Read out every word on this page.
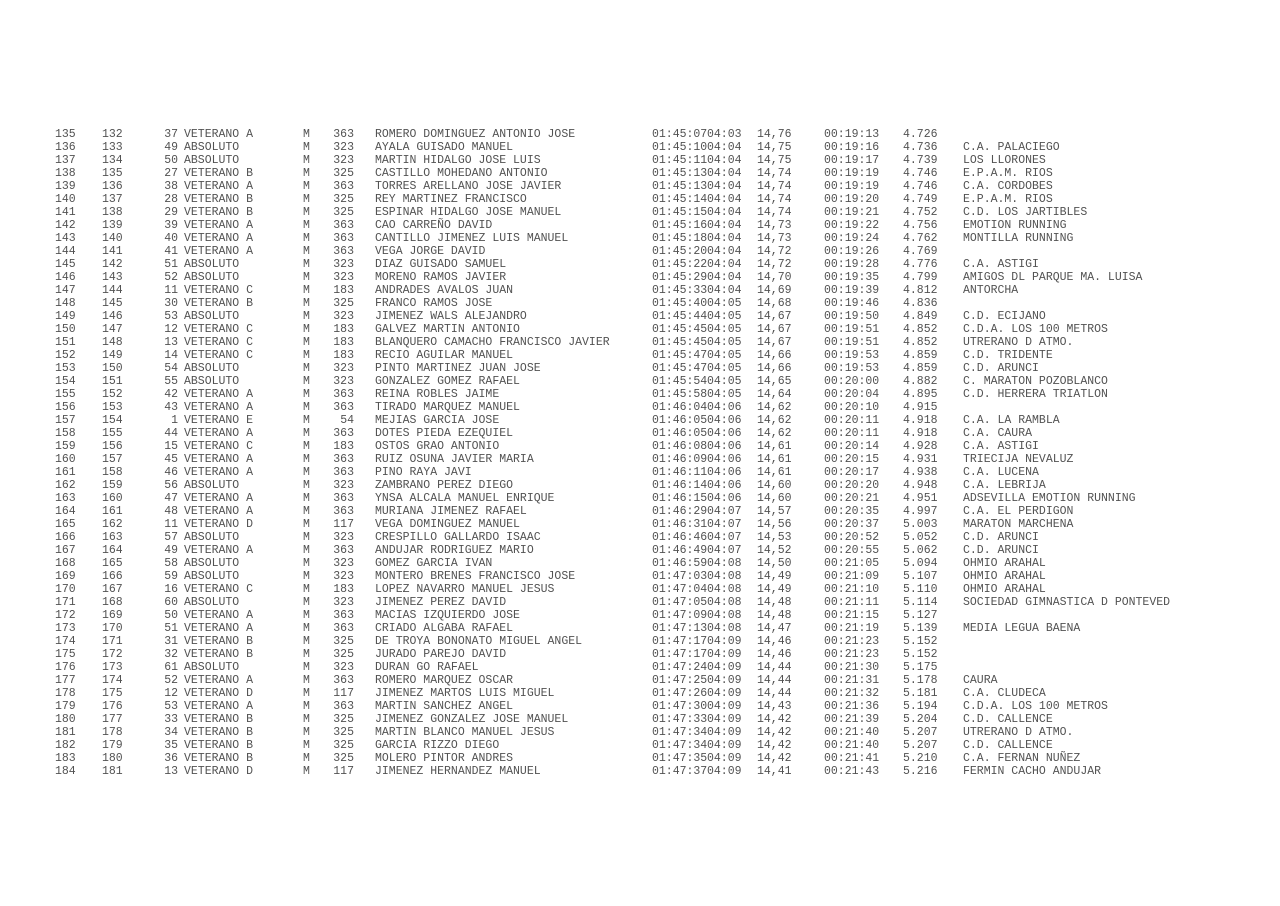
135	132	37 VETERANO A	M	363	ROMERO DOMINGUEZ ANTONIO JOSE	01:45:07 04:03	14,76	00:19:13	4.726
136	133	49 ABSOLUTO	M	323	AYALA GUISADO MANUEL	01:45:10 04:04	14,75	00:19:16	4.736	C.A. PALACIEGO
137	134	50 ABSOLUTO	M	323	MARTIN HIDALGO JOSE LUIS	01:45:11 04:04	14,75	00:19:17	4.739	LOS LLORONES
138	135	27 VETERANO B	M	325	CASTILLO MOHEDANO ANTONIO	01:45:13 04:04	14,74	00:19:19	4.746	E.P.A.M. RIOS
139	136	38 VETERANO A	M	363	TORRES ARELLANO JOSE JAVIER	01:45:13 04:04	14,74	00:19:19	4.746	C.A. CORDOBES
140	137	28 VETERANO B	M	325	REY MARTINEZ FRANCISCO	01:45:14 04:04	14,74	00:19:20	4.749	E.P.A.M. RIOS
141	138	29 VETERANO B	M	325	ESPINAR HIDALGO JOSE MANUEL	01:45:15 04:04	14,74	00:19:21	4.752	C.D. LOS JARTIBLES
142	139	39 VETERANO A	M	363	CAO CARREÑO DAVID	01:45:16 04:04	14,73	00:19:22	4.756	EMOTION RUNNING
143	140	40 VETERANO A	M	363	CANTILLO JIMENEZ LUIS MANUEL	01:45:18 04:04	14,73	00:19:24	4.762	MONTILLA RUNNING
144	141	41 VETERANO A	M	363	VEGA JORGE DAVID	01:45:20 04:04	14,72	00:19:26	4.769
145	142	51 ABSOLUTO	M	323	DIAZ GUISADO SAMUEL	01:45:22 04:04	14,72	00:19:28	4.776	C.A. ASTIGI
146	143	52 ABSOLUTO	M	323	MORENO RAMOS JAVIER	01:45:29 04:04	14,70	00:19:35	4.799	AMIGOS DL PARQUE MA. LUISA
147	144	11 VETERANO C	M	183	ANDRADES AVALOS JUAN	01:45:33 04:04	14,69	00:19:39	4.812	ANTORCHA
148	145	30 VETERANO B	M	325	FRANCO RAMOS JOSE	01:45:40 04:05	14,68	00:19:46	4.836
149	146	53 ABSOLUTO	M	323	JIMENEZ WALS ALEJANDRO	01:45:44 04:05	14,67	00:19:50	4.849	C.D. ECIJANO
150	147	12 VETERANO C	M	183	GALVEZ MARTIN ANTONIO	01:45:45 04:05	14,67	00:19:51	4.852	C.D.A. LOS 100 METROS
151	148	13 VETERANO C	M	183	BLANQUERO CAMACHO FRANCISCO JAVIER	01:45:45 04:05	14,67	00:19:51	4.852	UTRERANO D ATMO.
152	149	14 VETERANO C	M	183	RECIO AGUILAR MANUEL	01:45:47 04:05	14,66	00:19:53	4.859	C.D. TRIDENTE
153	150	54 ABSOLUTO	M	323	PINTO MARTINEZ JUAN JOSE	01:45:47 04:05	14,66	00:19:53	4.859	C.D. ARUNCI
154	151	55 ABSOLUTO	M	323	GONZALEZ GOMEZ RAFAEL	01:45:54 04:05	14,65	00:20:00	4.882	C. MARATON POZOBLANCO
155	152	42 VETERANO A	M	363	REINA ROBLES JAIME	01:45:58 04:05	14,64	00:20:04	4.895	C.D. HERRERA TRIATLON
156	153	43 VETERANO A	M	363	TIRADO MARQUEZ MANUEL	01:46:04 04:06	14,62	00:20:10	4.915
157	154	1 VETERANO E	M	54	MEJIAS GARCIA JOSE	01:46:05 04:06	14,62	00:20:11	4.918	C.A. LA RAMBLA
158	155	44 VETERANO A	M	363	DOTES PIEDA EZEQUIEL	01:46:05 04:06	14,62	00:20:11	4.918	C.A. CAURA
159	156	15 VETERANO C	M	183	OSTOS GRAO ANTONIO	01:46:08 04:06	14,61	00:20:14	4.928	C.A. ASTIGI
160	157	45 VETERANO A	M	363	RUIZ OSUNA JAVIER MARIA	01:46:09 04:06	14,61	00:20:15	4.931	TRIECIJA NEVALUZ
161	158	46 VETERANO A	M	363	PINO RAYA JAVI	01:46:11 04:06	14,61	00:20:17	4.938	C.A. LUCENA
162	159	56 ABSOLUTO	M	323	ZAMBRANO PEREZ DIEGO	01:46:14 04:06	14,60	00:20:20	4.948	C.A. LEBRIJA
163	160	47 VETERANO A	M	363	YNSA ALCALA MANUEL ENRIQUE	01:46:15 04:06	14,60	00:20:21	4.951	ADSEVILLA EMOTION RUNNING
164	161	48 VETERANO A	M	363	MURIANA JIMENEZ RAFAEL	01:46:29 04:07	14,57	00:20:35	4.997	C.A. EL PERDIGON
165	162	11 VETERANO D	M	117	VEGA DOMINGUEZ MANUEL	01:46:31 04:07	14,56	00:20:37	5.003	MARATON MARCHENA
166	163	57 ABSOLUTO	M	323	CRESPILLO GALLARDO ISAAC	01:46:46 04:07	14,53	00:20:52	5.052	C.D. ARUNCI
167	164	49 VETERANO A	M	363	ANDUJAR RODRIGUEZ MARIO	01:46:49 04:07	14,52	00:20:55	5.062	C.D. ARUNCI
168	165	58 ABSOLUTO	M	323	GOMEZ GARCIA IVAN	01:46:59 04:08	14,50	00:21:05	5.094	OHMIO ARAHAL
169	166	59 ABSOLUTO	M	323	MONTERO BRENES FRANCISCO JOSE	01:47:03 04:08	14,49	00:21:09	5.107	OHMIO ARAHAL
170	167	16 VETERANO C	M	183	LOPEZ NAVARRO MANUEL JESUS	01:47:04 04:08	14,49	00:21:10	5.110	OHMIO ARAHAL
171	168	60 ABSOLUTO	M	323	JIMENEZ PEREZ DAVID	01:47:05 04:08	14,48	00:21:11	5.114	SOCIEDAD GIMNASTICA D PONTEVED
172	169	50 VETERANO A	M	363	MACIAS IZQUIERDO JOSE	01:47:09 04:08	14,48	00:21:15	5.127
173	170	51 VETERANO A	M	363	CRIADO ALGABA RAFAEL	01:47:13 04:08	14,47	00:21:19	5.139	MEDIA LEGUA BAENA
174	171	31 VETERANO B	M	325	DE TROYA BONONATO MIGUEL ANGEL	01:47:17 04:09	14,46	00:21:23	5.152
175	172	32 VETERANO B	M	325	JURADO PAREJO DAVID	01:47:17 04:09	14,46	00:21:23	5.152
176	173	61 ABSOLUTO	M	323	DURAN GO RAFAEL	01:47:24 04:09	14,44	00:21:30	5.175
177	174	52 VETERANO A	M	363	ROMERO MARQUEZ OSCAR	01:47:25 04:09	14,44	00:21:31	5.178	CAURA
178	175	12 VETERANO D	M	117	JIMENEZ MARTOS LUIS MIGUEL	01:47:26 04:09	14,44	00:21:32	5.181	C.A. CLUDECA
179	176	53 VETERANO A	M	363	MARTIN SANCHEZ ANGEL	01:47:30 04:09	14,43	00:21:36	5.194	C.D.A. LOS 100 METROS
180	177	33 VETERANO B	M	325	JIMENEZ GONZALEZ JOSE MANUEL	01:47:33 04:09	14,42	00:21:39	5.204	C.D. CALLENCE
181	178	34 VETERANO B	M	325	MARTIN BLANCO MANUEL JESUS	01:47:34 04:09	14,42	00:21:40	5.207	UTRERANO D ATMO.
182	179	35 VETERANO B	M	325	GARCIA RIZZO DIEGO	01:47:34 04:09	14,42	00:21:40	5.207	C.D. CALLENCE
183	180	36 VETERANO B	M	325	MOLERO PINTOR ANDRES	01:47:35 04:09	14,42	00:21:41	5.210	C.A. FERNAN NUÑEZ
184	181	13 VETERANO D	M	117	JIMENEZ HERNANDEZ MANUEL	01:47:37 04:09	14,41	00:21:43	5.216	FERMIN CACHO ANDUJAR
